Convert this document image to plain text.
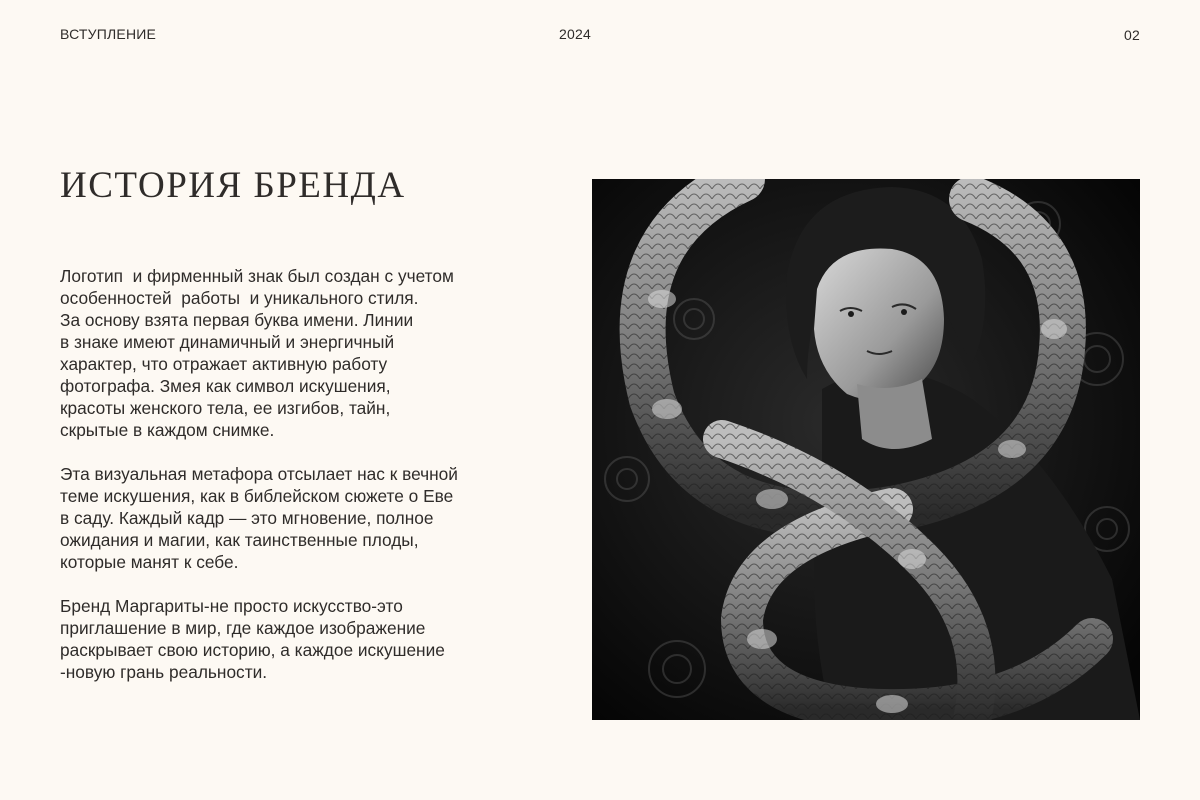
ВСТУПЛЕНИЕ	2024	02
ИСТОРИЯ БРЕНДА

Логотип  и фирменный знак был создан с учетом
особенностей  работы  и уникального стиля.
За основу взята первая буква имени. Линии
в знаке имеют динамичный и энергичный
характер, что отражает активную работу
фотографа. Змея как символ искушения,
красоты женского тела, ее изгибов, тайн,
скрытые в каждом снимке.

Эта визуальная метафора отсылает нас к вечной
теме искушения, как в библейском сюжете о Еве
в саду. Каждый кадр — это мгновение, полное
ожидания и магии, как таинственные плоды,
которые манят к себе.

Бренд Маргариты-не просто искусство-это
приглашение в мир, где каждое изображение
раскрывает свою историю, а каждое искушение
-новую грань реальности.
